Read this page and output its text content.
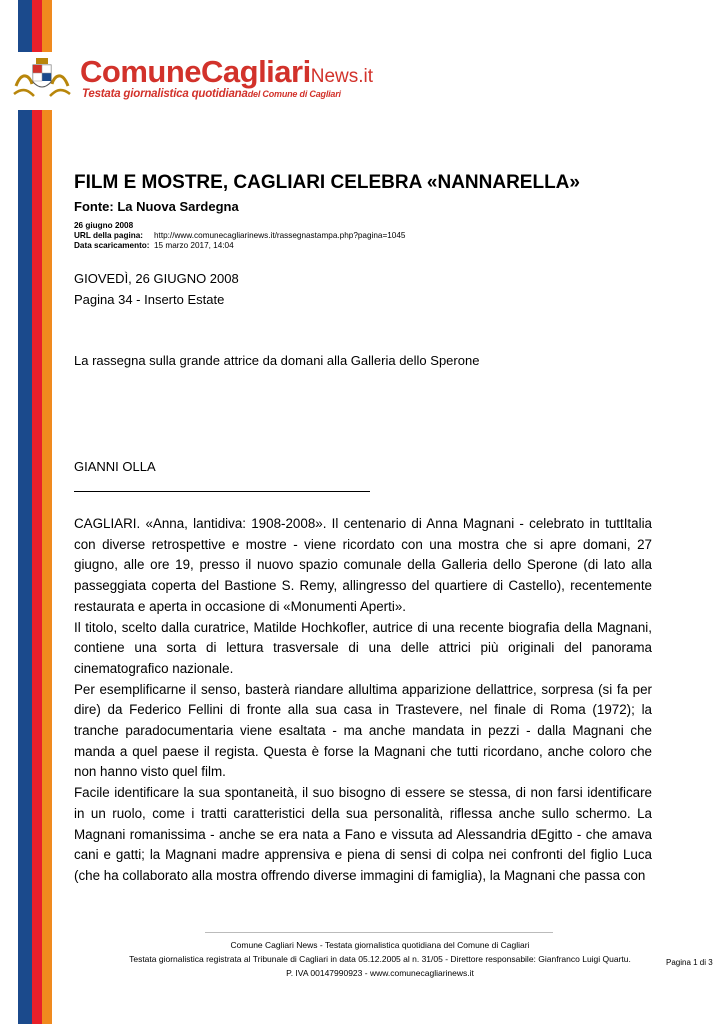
ComuneCagliariNews.it
Testata giornalistica quotidianadel Comune di Cagliari
FILM E MOSTRE, CAGLIARI CELEBRA «NANNARELLA»
Fonte: La Nuova Sardegna
26 giugno 2008
URL della pagina: http://www.comunecagliarinews.it/rassegnastampa.php?pagina=1045
Data scaricamento: 15 marzo 2017, 14:04
GIOVEDÌ, 26 GIUGNO 2008
Pagina 34 - Inserto Estate
La rassegna sulla grande attrice da domani alla Galleria dello Sperone
GIANNI OLLA

CAGLIARI. «Anna, lantidiva: 1908-2008». Il centenario di Anna Magnani - celebrato in tuttItalia con diverse retrospettive e mostre - viene ricordato con una mostra che si apre domani, 27 giugno, alle ore 19, presso il nuovo spazio comunale della Galleria dello Sperone (di lato alla passeggiata coperta del Bastione S. Remy, allingresso del quartiere di Castello), recentemente restaurata e aperta in occasione di «Monumenti Aperti».

Il titolo, scelto dalla curatrice, Matilde Hochkofler, autrice di una recente biografia della Magnani, contiene una sorta di lettura trasversale di una delle attrici più originali del panorama cinematografico nazionale.

Per esemplificarne il senso, basterà riandare allultima apparizione dellattrice, sorpresa (si fa per dire) da Federico Fellini di fronte alla sua casa in Trastevere, nel finale di Roma (1972); la tranche paradocumentaria viene esaltata - ma anche mandata in pezzi - dalla Magnani che manda a quel paese il regista. Questa è forse la Magnani che tutti ricordano, anche coloro che non hanno visto quel film.

Facile identificare la sua spontaneità, il suo bisogno di essere se stessa, di non farsi identificare in un ruolo, come i tratti caratteristici della sua personalità, riflessa anche sullo schermo. La Magnani romanissima - anche se era nata a Fano e vissuta ad Alessandria dEgitto - che amava cani e gatti; la Magnani madre apprensiva e piena di sensi di colpa nei confronti del figlio Luca (che ha collaborato alla mostra offrendo diverse immagini di famiglia), la Magnani che passa con

Comune Cagliari News - Testata giornalistica quotidiana del Comune di Cagliari
Testata giornalistica registrata al Tribunale di Cagliari in data 05.12.2005 al n. 31/05 - Direttore responsabile: Gianfranco Luigi Quartu.
P. IVA 00147990923 - www.comunecagliarinews.it
Pagina 1 di 3
